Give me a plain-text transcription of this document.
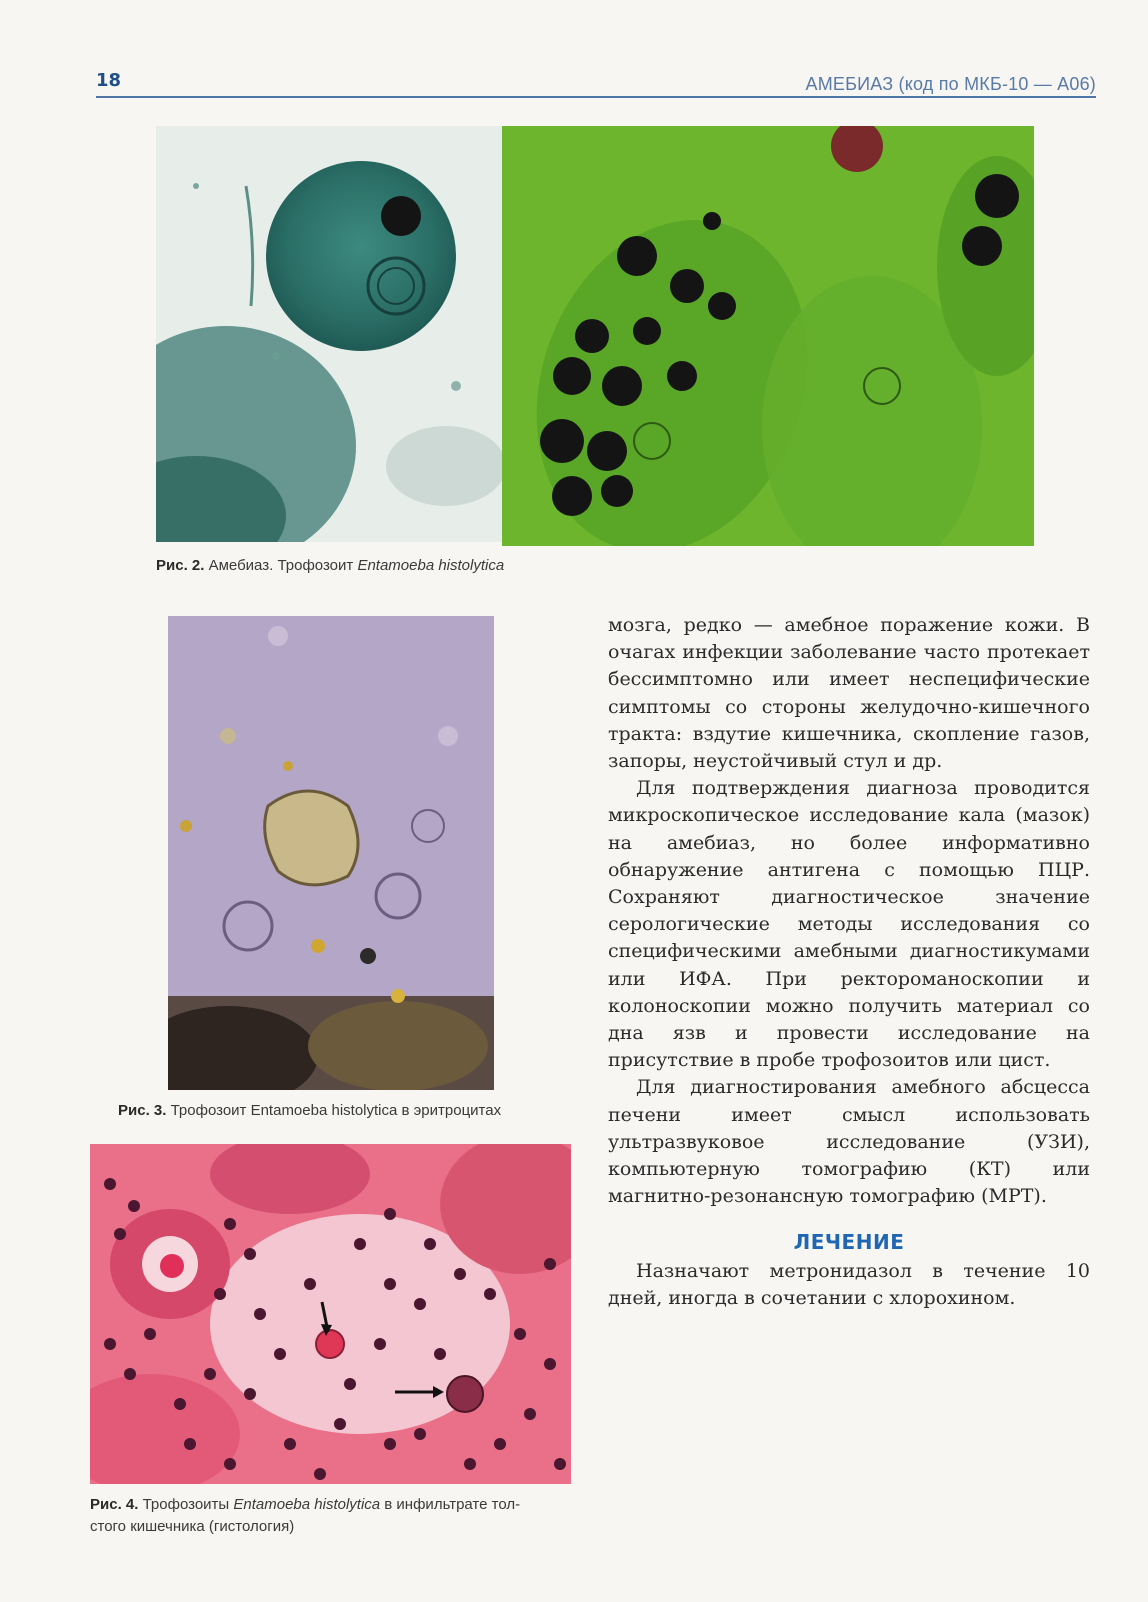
18	АМЕБИАЗ (код по МКБ-10 — А06)
Рис. 2. Амебиаз. Трофозоит Entamoeba histolytica
Рис. 3. Трофозоит Entamoeba histolytica в эритроцитах
Рис. 4. Трофозоиты Entamoeba histolytica в инфильтрате тол-
стого кишечника (гистология)

мозга, редко — амебное поражение кожи. В очагах инфекции заболевание часто протекает бессимптомно или имеет неспецифические симптомы со стороны желудочно-кишечного тракта: вздутие кишечника, скопление газов, запоры, неустойчивый стул и др.

Для подтверждения диагноза проводится микроскопическое исследование кала (мазок) на амебиаз, но более информативно обнаружение антигена с помощью ПЦР. Сохраняют диагностическое значение серологические методы исследования со специфическими амебными диагностикумами или ИФА. При ректороманоскопии и колоноскопии можно получить материал со дна язв и провести исследование на присутствие в пробе трофозоитов или цист.

Для диагностирования амебного абсцесса печени имеет смысл использовать ультразвуковое исследование (УЗИ), компьютерную томографию (КТ) или магнитно-резонансную томографию (МРТ).

ЛЕЧЕНИЕ

Назначают метронидазол в течение 10 дней, иногда в сочетании с хлорохином.
